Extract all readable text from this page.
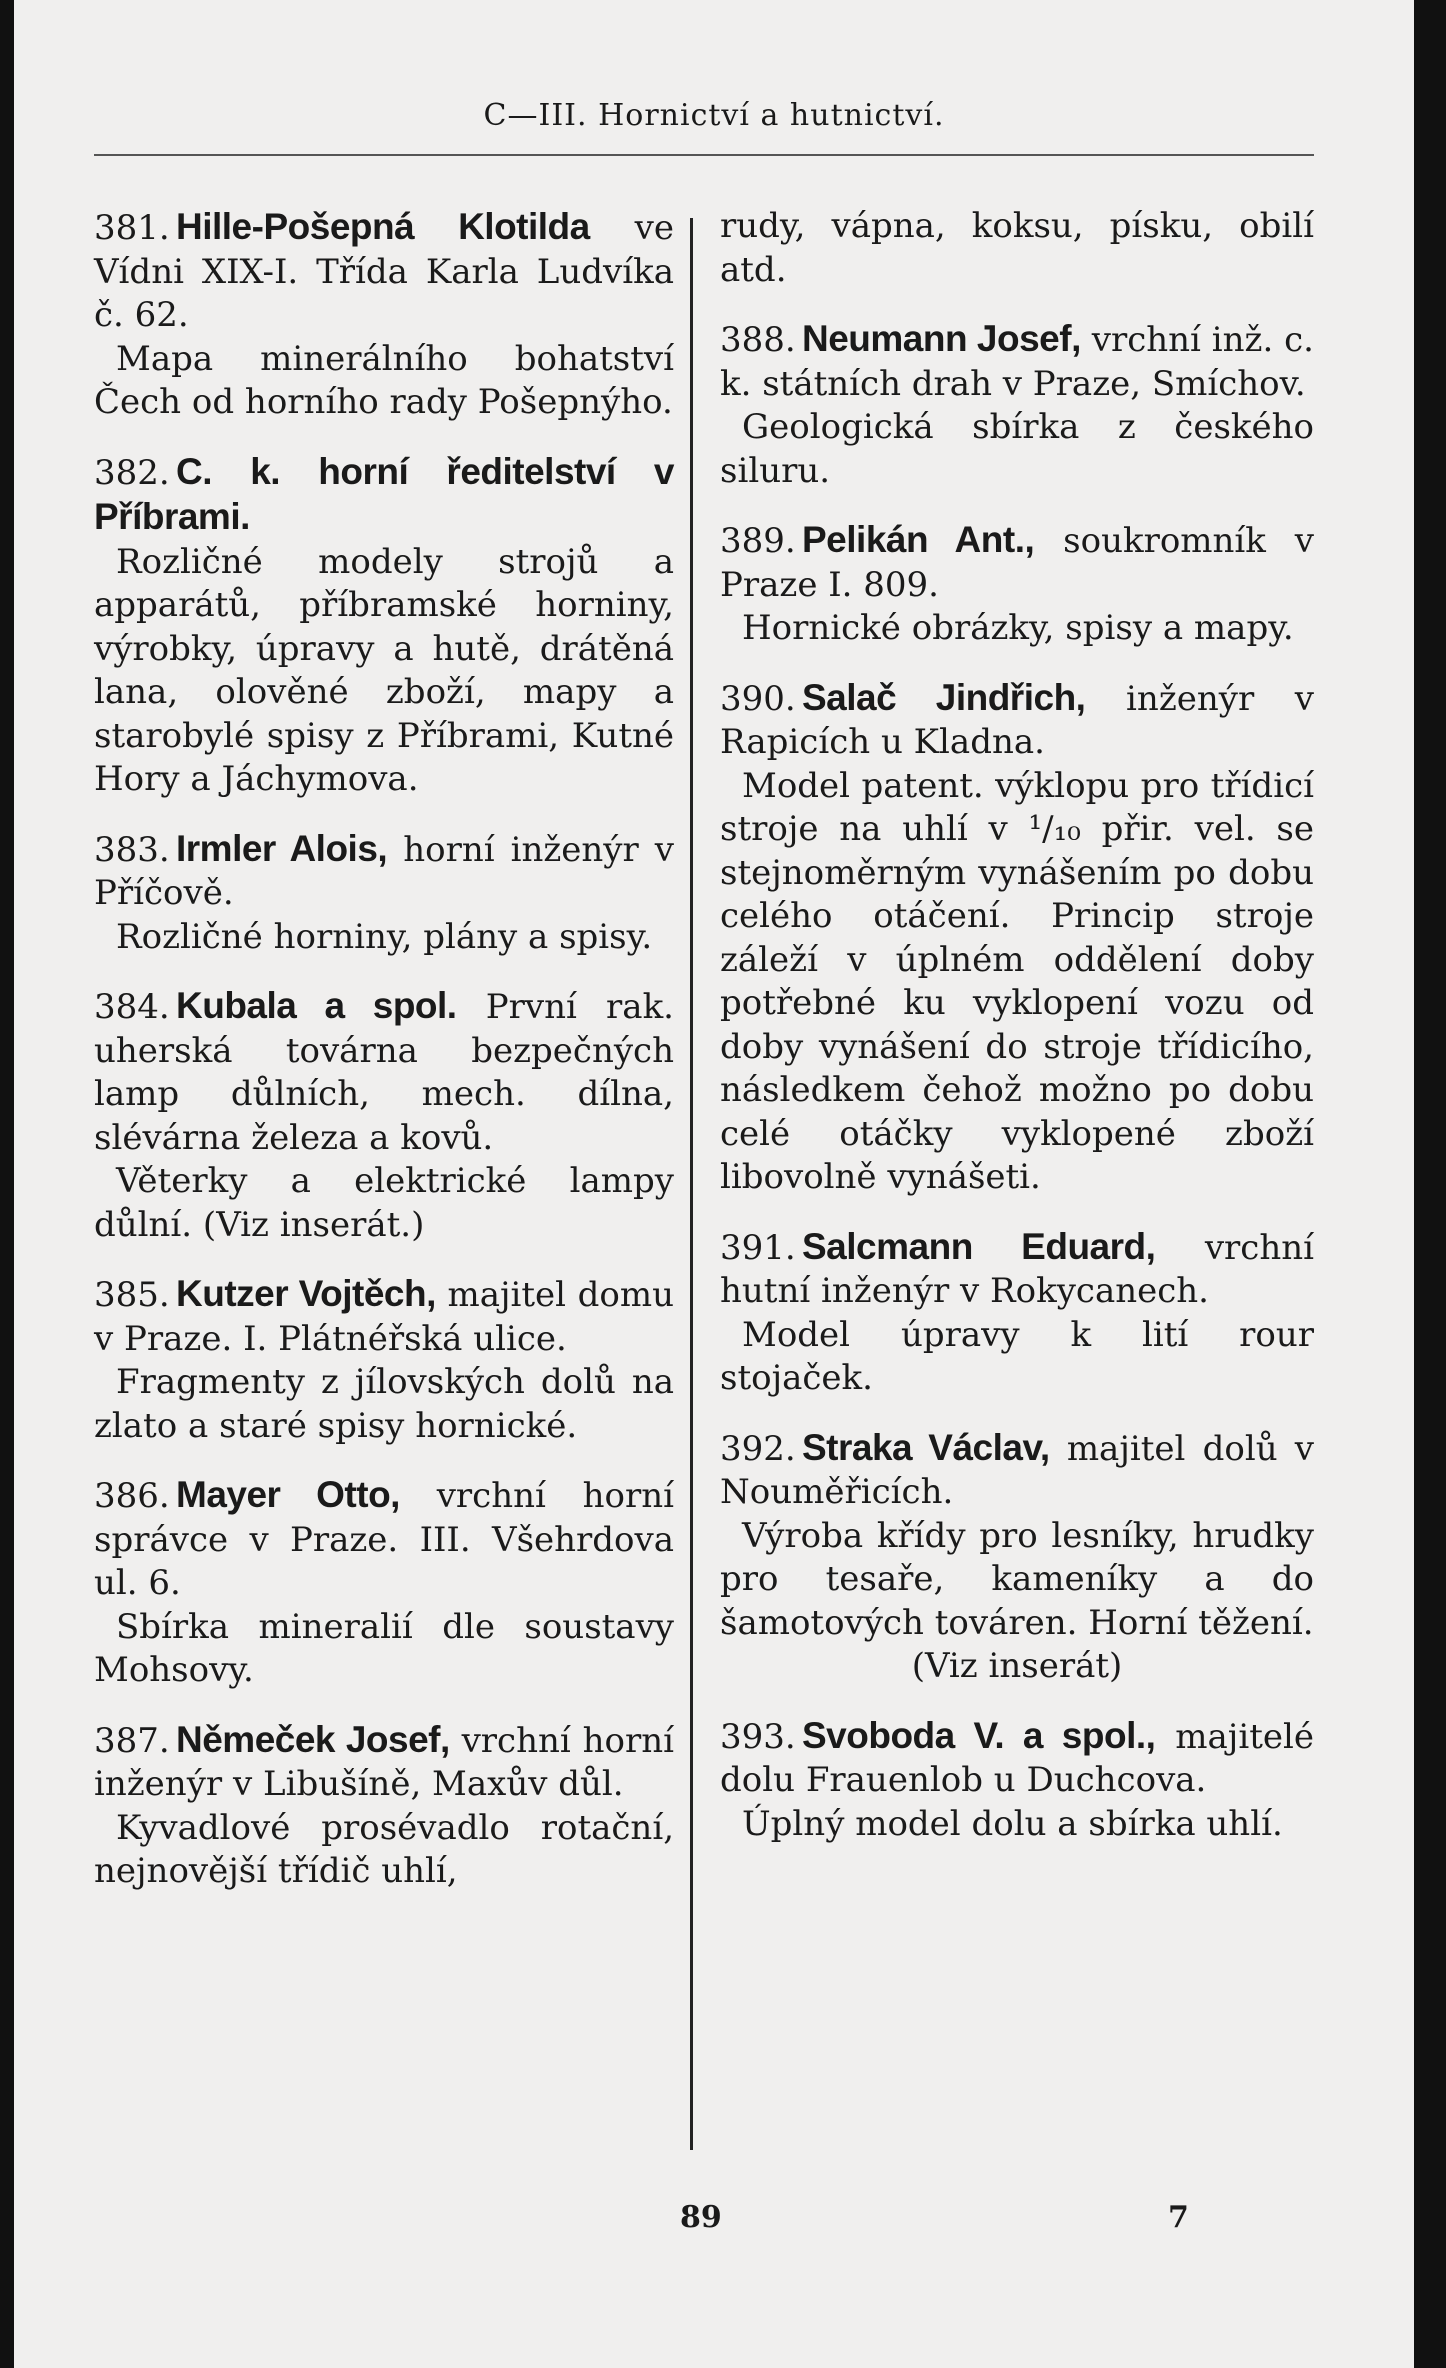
C—III. Hornictví a hutnictví.
381. Hille-Pošepná Klotilda ve Vídni XIX-I. Třída Karla Ludvíka č. 62.
Mapa minerálního bohatství Čech od horního rady Pošepnýho.
382. C. k. horní ředitelství v Příbrami.
Rozličné modely strojů a apparátů, příbramské horniny, výrobky, úpravy a hutě, drátěná lana, olověné zboží, mapy a starobylé spisy z Příbrami, Kutné Hory a Jáchymova.
383. Irmler Alois, horní inženýr v Příčově.
Rozličné horniny, plány a spisy.
384. Kubala a spol. První rak. uherská továrna bezpečných lamp důlních, mech. dílna, slévárna železa a kovů.
Věterky a elektrické lampy důlní. (Viz inserát.)
385. Kutzer Vojtěch, majitel domu v Praze. I. Plátnéřská ulice.
Fragmenty z jílovských dolů na zlato a staré spisy hornické.
386. Mayer Otto, vrchní horní správce v Praze. III. Všehrdova ul. 6.
Sbírka mineralií dle soustavy Mohsovy.
387. Němeček Josef, vrchní horní inženýr v Libušíně, Maxův důl.
Kyvadlové prosévadlo rotační, nejnovější třídič uhlí,
rudy, vápna, koksu, písku, obilí atd.
388. Neumann Josef, vrchní inž. c. k. státních drah v Praze, Smíchov.
Geologická sbírka z českého siluru.
389. Pelikán Ant., soukromník v Praze I. 809.
Hornické obrázky, spisy a mapy.
390. Salač Jindřich, inženýr v Rapicích u Kladna.
Model patent. výklopu pro třídicí stroje na uhlí v ¹/₁₀ přir. vel. se stejnoměrným vynášením po dobu celého otáčení. Princip stroje záleží v úplném oddělení doby potřebné ku vyklopení vozu od doby vynášení do stroje třídicího, následkem čehož možno po dobu celé otáčky vyklopené zboží libovolně vynášeti.
391. Salcmann Eduard, vrchní hutní inženýr v Rokycanech.
Model úpravy k lití rour stojaček.
392. Straka Václav, majitel dolů v Nouměřicích.
Výroba křídy pro lesníky, hrudky pro tesaře, kameníky a do šamotových továren. Horní těžení.
(Viz inserát)
393. Svoboda V. a spol., majitelé dolu Frauenlob u Duchcova.
Úplný model dolu a sbírka uhlí.
89	7
